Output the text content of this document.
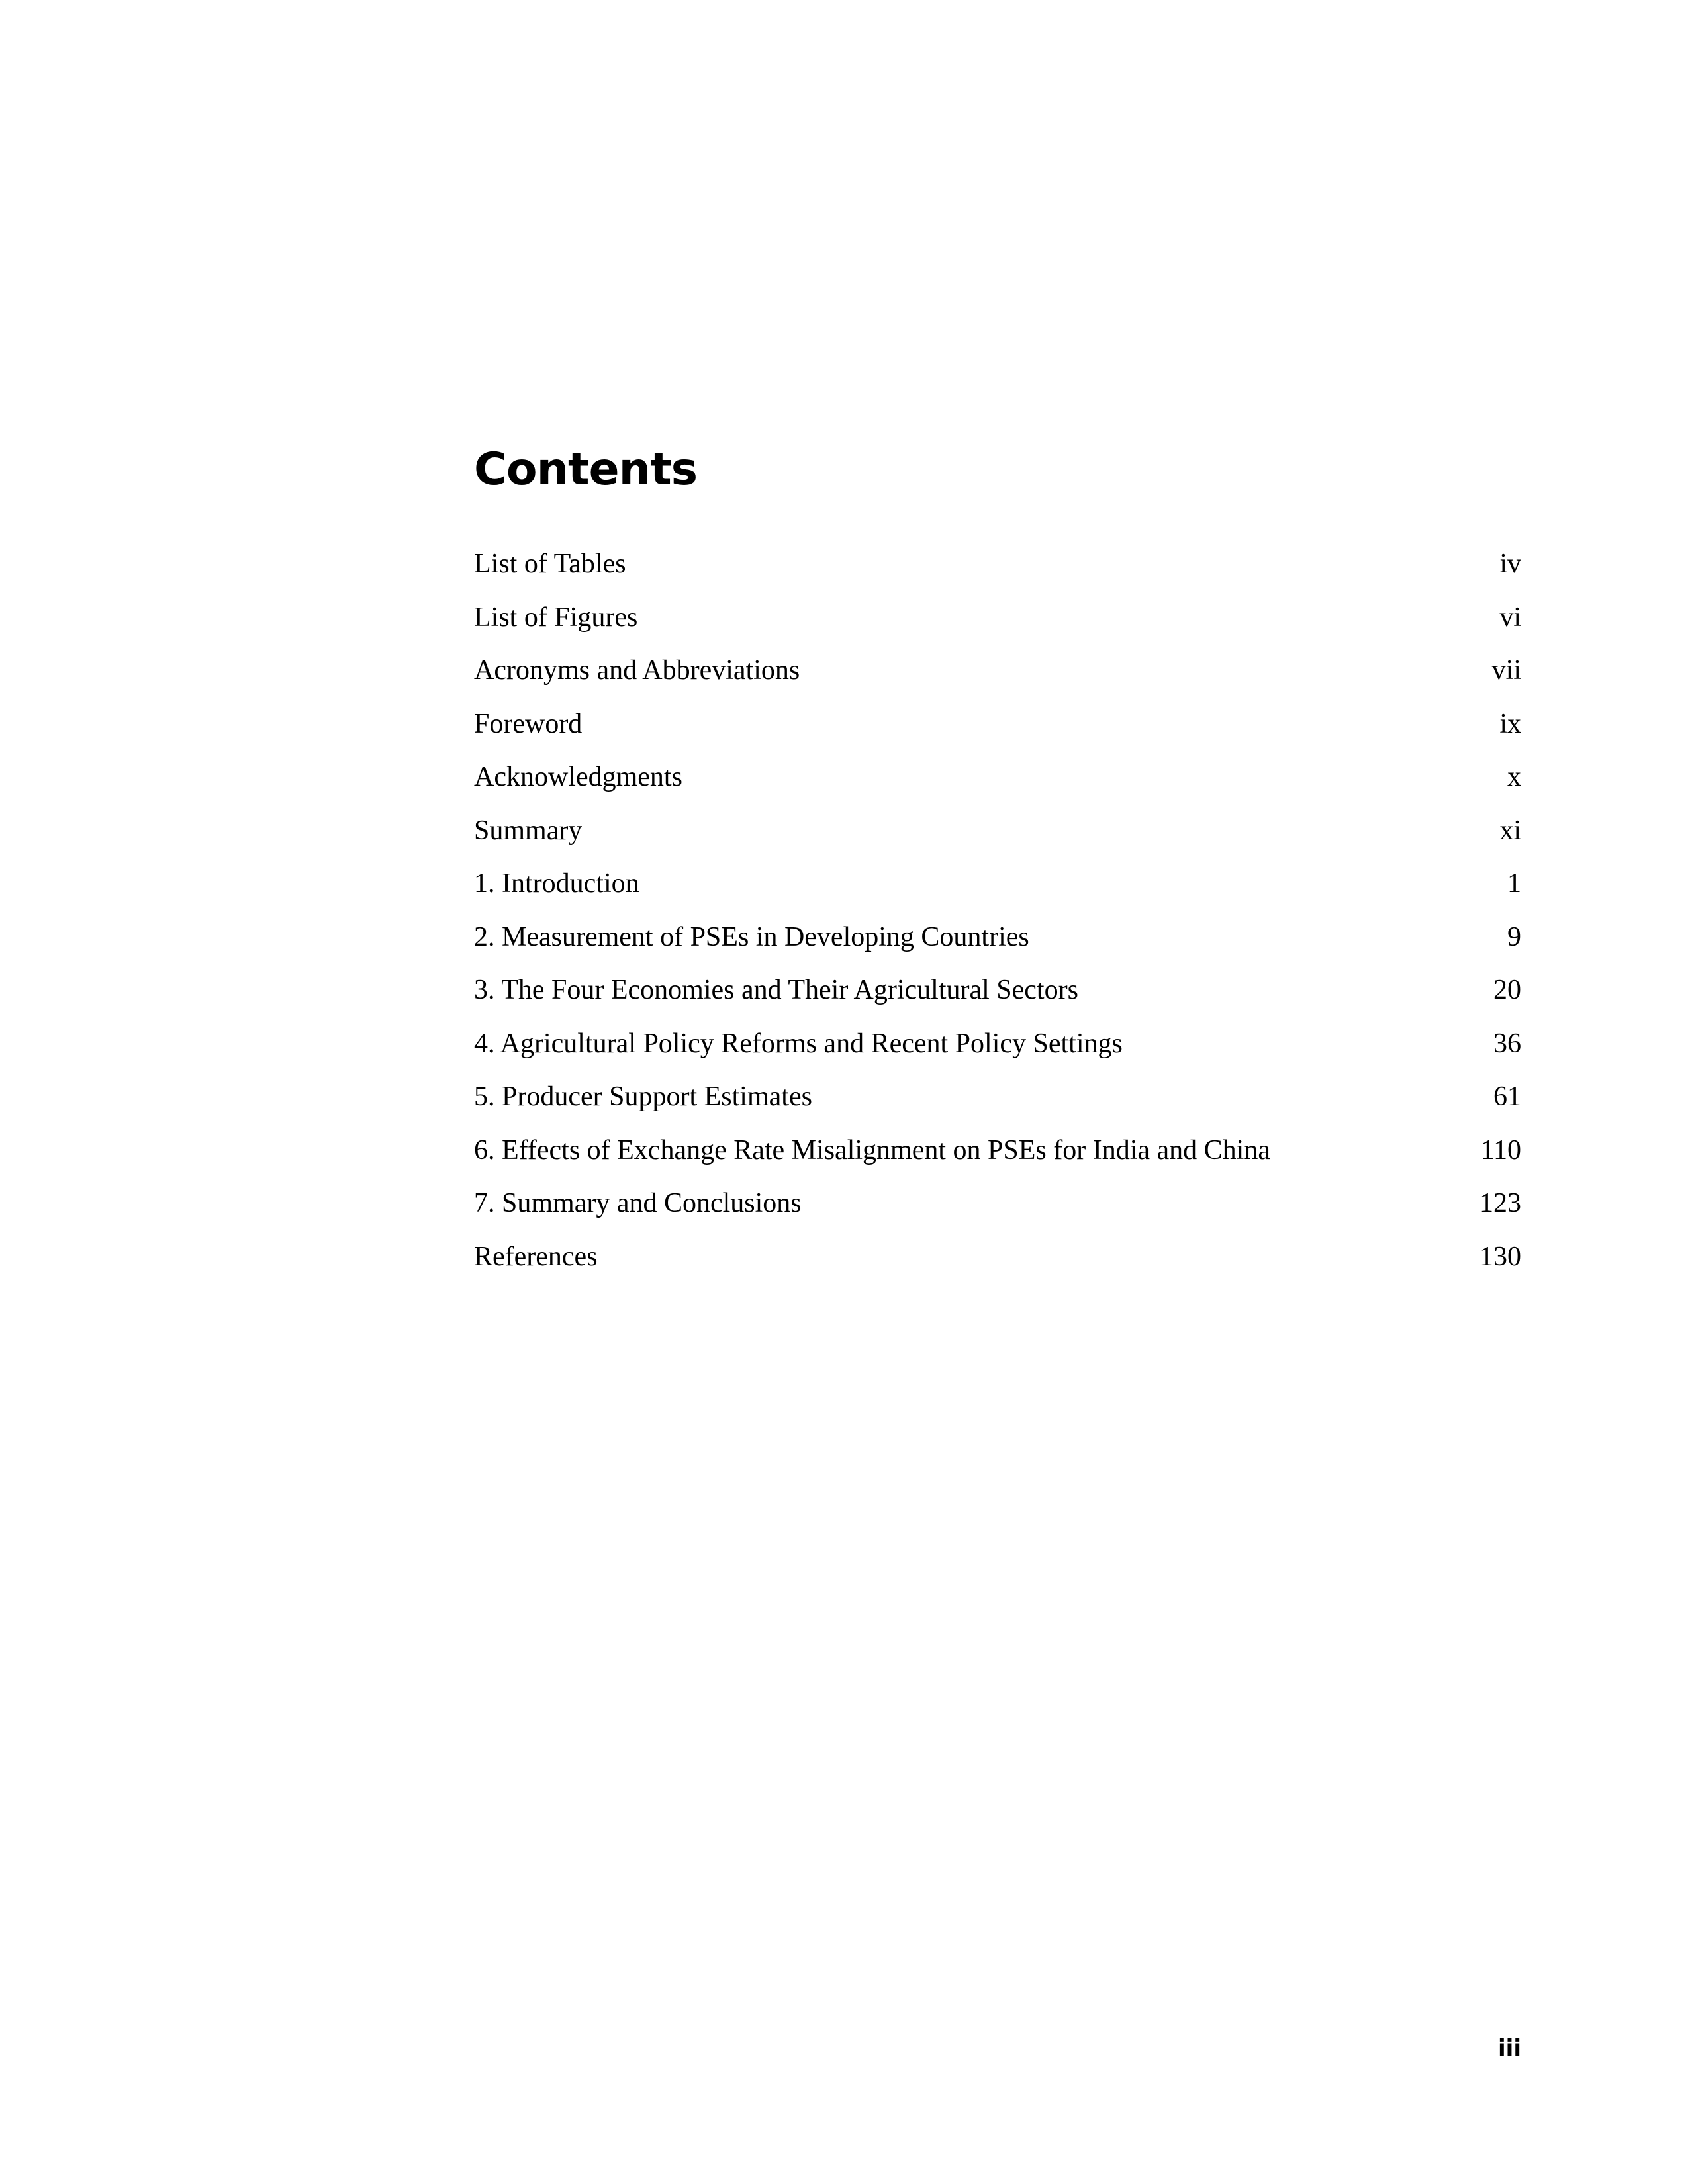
Contents
List of Tables	iv
List of Figures	vi
Acronyms and Abbreviations	vii
Foreword	ix
Acknowledgments	x
Summary	xi
1. Introduction	1
2. Measurement of PSEs in Developing Countries	9
3. The Four Economies and Their Agricultural Sectors	20
4. Agricultural Policy Reforms and Recent Policy Settings	36
5. Producer Support Estimates	61
6. Effects of Exchange Rate Misalignment on PSEs for India and China	110
7. Summary and Conclusions	123
References	130
iii
